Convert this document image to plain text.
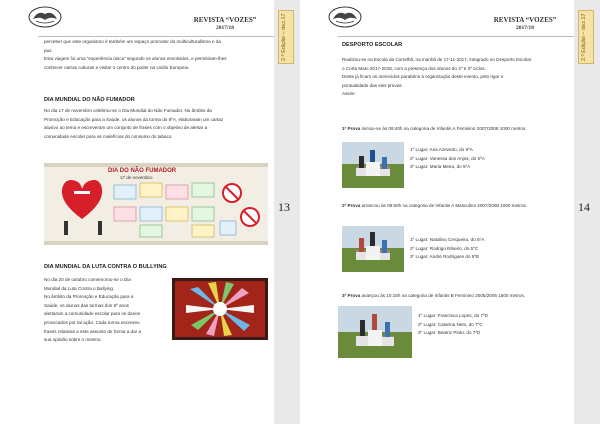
2.ª Edição – dez.17
13
REVISTA “VOZES”
2017/18
perceber que este organismo é também um espaço promotor do multiculturalismo e da
paz.
Esta viagem foi uma “experiência única” segundo os alunos envolvidos, e permitiram-lhes
conhecer outras culturas e visitar o centro do poder na União Europeia.
DIA MUNDIAL DO NÃO FUMADOR
No dia 17 de novembro celebrou-se o Dia Mundial do Não Fumador. No âmbito da
Promoção e Educação para a Saúde, os alunos da turma do 8ºA, elaboraram um cartaz
alusivo ao tema e escreveram um conjunto de frases com o objetivo de alertar a
comunidade escolar para os malefícios do consumo do tabaco.
DIA DO NÃO FUMADOR
17 de novembro
DIA MUNDIAL DA LUTA CONTRA O BULLYING
No dia 20 de outubro comemorou-se o Dia
Mundial da Luta Contra o Bullying.
No âmbito da Promoção e Educação para a
Saúde, os alunos das turmas dos 8º anos
alertaram a comunidade escolar para os danos
provocados por tal ação. Cada turma escreveu
frases relativas a este assunto de forma a dar a
sua opinião sobre o mesmo.
2.ª Edição – dez.17
14
REVISTA “VOZES”
2017/18
DESPORTO ESCOLAR
Realizou-se na Escola da Correlhã, na manhã de 17-11-2017, integrado no Desporto Escolar
o Corta Mato 2017-2018, com a presença dos alunos do 2º e 3º ciclos.
Deste já ficam os merecidos parabéns à organização deste evento, pelo rigor e
pontualidade das seis provas.
Assim:
1ª Prova iniciou-se às 09:40h na categoria de Infantis A Feminino 2007/2008 1000 metros.
1º Lugar: Ana Azevedo, do 5ºA
2º Lugar: Vanessa dos Anjos, do 5ºA
3º Lugar: Maria Meira, do 5ºA
2ª Prova arrancou às 09:50h na categoria de Infantis A Masculino 2007/2008 1000 metros.
1º Lugar: Natalino Cerqueira, do 5ºA
2º Lugar: Rodrigo Ribeiro, do 5ºC
3º Lugar: André Rodrigues do 5ºB
3ª Prova avançou às 10:15h na categoria de Infantis B Feminino 2005/2006 1500 metros.
1º Lugar: Francisca Lopes, do 7ºD
2º Lugar: Catarina Neto, do 7ºC
3º Lugar: Beatriz Pinto, do 7ºD
